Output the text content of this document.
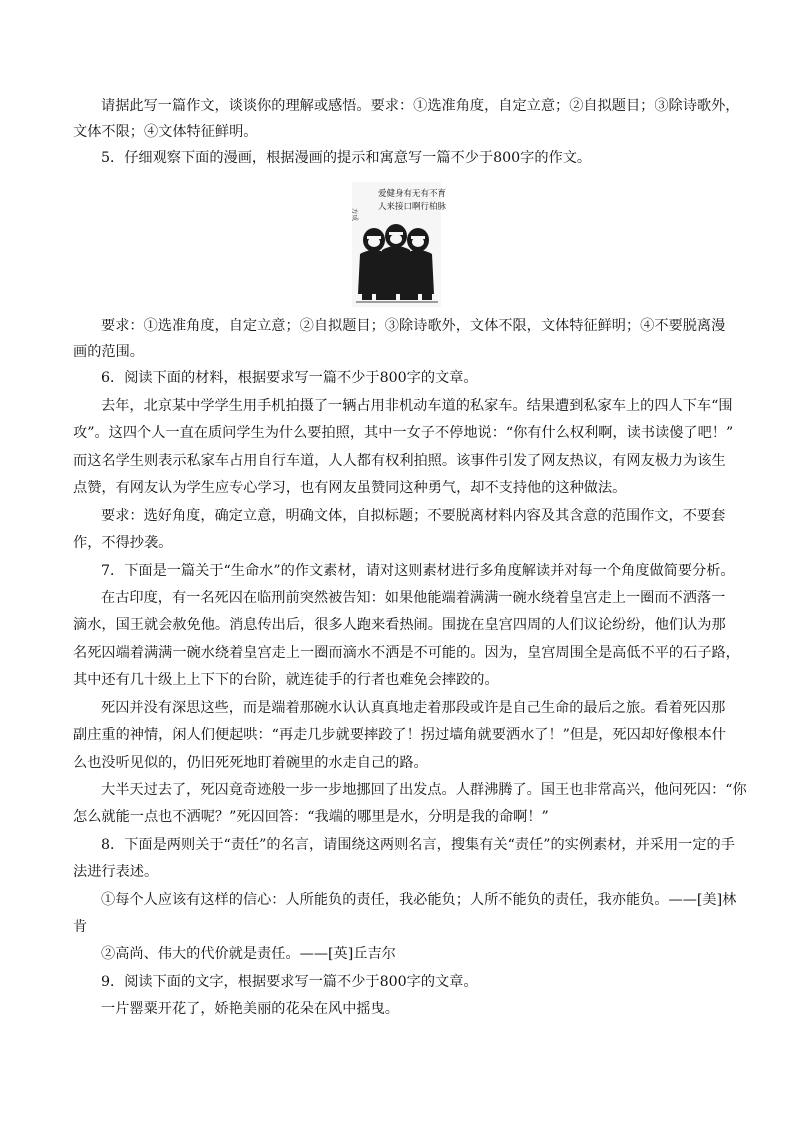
请据此写一篇作文，谈谈你的理解或感悟。要求：①选准角度，自定立意；②自拟题目；③除诗歌外，
文体不限；④文体特征鲜明。
5．仔细观察下面的漫画，根据漫画的提示和寓意写一篇不少于800字的作文。
爱健身有无有不育
人来接口啊行柏脉
方成
要求：①选准角度，自定立意；②自拟题目；③除诗歌外，文体不限，文体特征鲜明；④不要脱离漫
画的范围。
6．阅读下面的材料，根据要求写一篇不少于800字的文章。
去年，北京某中学学生用手机拍摄了一辆占用非机动车道的私家车。结果遭到私家车上的四人下车“围
攻”。这四个人一直在质问学生为什么要拍照，其中一女子不停地说：“你有什么权利啊，读书读傻了吧！”
而这名学生则表示私家车占用自行车道，人人都有权利拍照。该事件引发了网友热议，有网友极力为该生
点赞，有网友认为学生应专心学习，也有网友虽赞同这种勇气，却不支持他的这种做法。
要求：选好角度，确定立意，明确文体，自拟标题；不要脱离材料内容及其含意的范围作文，不要套
作，不得抄袭。
7．下面是一篇关于“生命水”的作文素材，请对这则素材进行多角度解读并对每一个角度做简要分析。
在古印度，有一名死囚在临刑前突然被告知：如果他能端着满满一碗水绕着皇宫走上一圈而不洒落一
滴水，国王就会赦免他。消息传出后，很多人跑来看热闹。围拢在皇宫四周的人们议论纷纷，他们认为那
名死囚端着满满一碗水绕着皇宫走上一圈而滴水不洒是不可能的。因为，皇宫周围全是高低不平的石子路，
其中还有几十级上上下下的台阶，就连徒手的行者也难免会摔跤的。
死囚并没有深思这些，而是端着那碗水认认真真地走着那段或许是自己生命的最后之旅。看着死囚那
副庄重的神情，闲人们便起哄：“再走几步就要摔跤了！拐过墙角就要洒水了！”但是，死囚却好像根本什
么也没听见似的，仍旧死死地盯着碗里的水走自己的路。
大半天过去了，死囚竟奇迹般一步一步地挪回了出发点。人群沸腾了。国王也非常高兴，他问死囚：“你
怎么就能一点也不洒呢？”死囚回答：“我端的哪里是水，分明是我的命啊！”
8．下面是两则关于“责任”的名言，请围绕这两则名言，搜集有关“责任”的实例素材，并采用一定的手
法进行表述。
①每个人应该有这样的信心：人所能负的责任，我必能负；人所不能负的责任，我亦能负。——[美]林
肯
②高尚、伟大的代价就是责任。——[英]丘吉尔
9．阅读下面的文字，根据要求写一篇不少于800字的文章。
一片罂粟开花了，娇艳美丽的花朵在风中摇曳。
